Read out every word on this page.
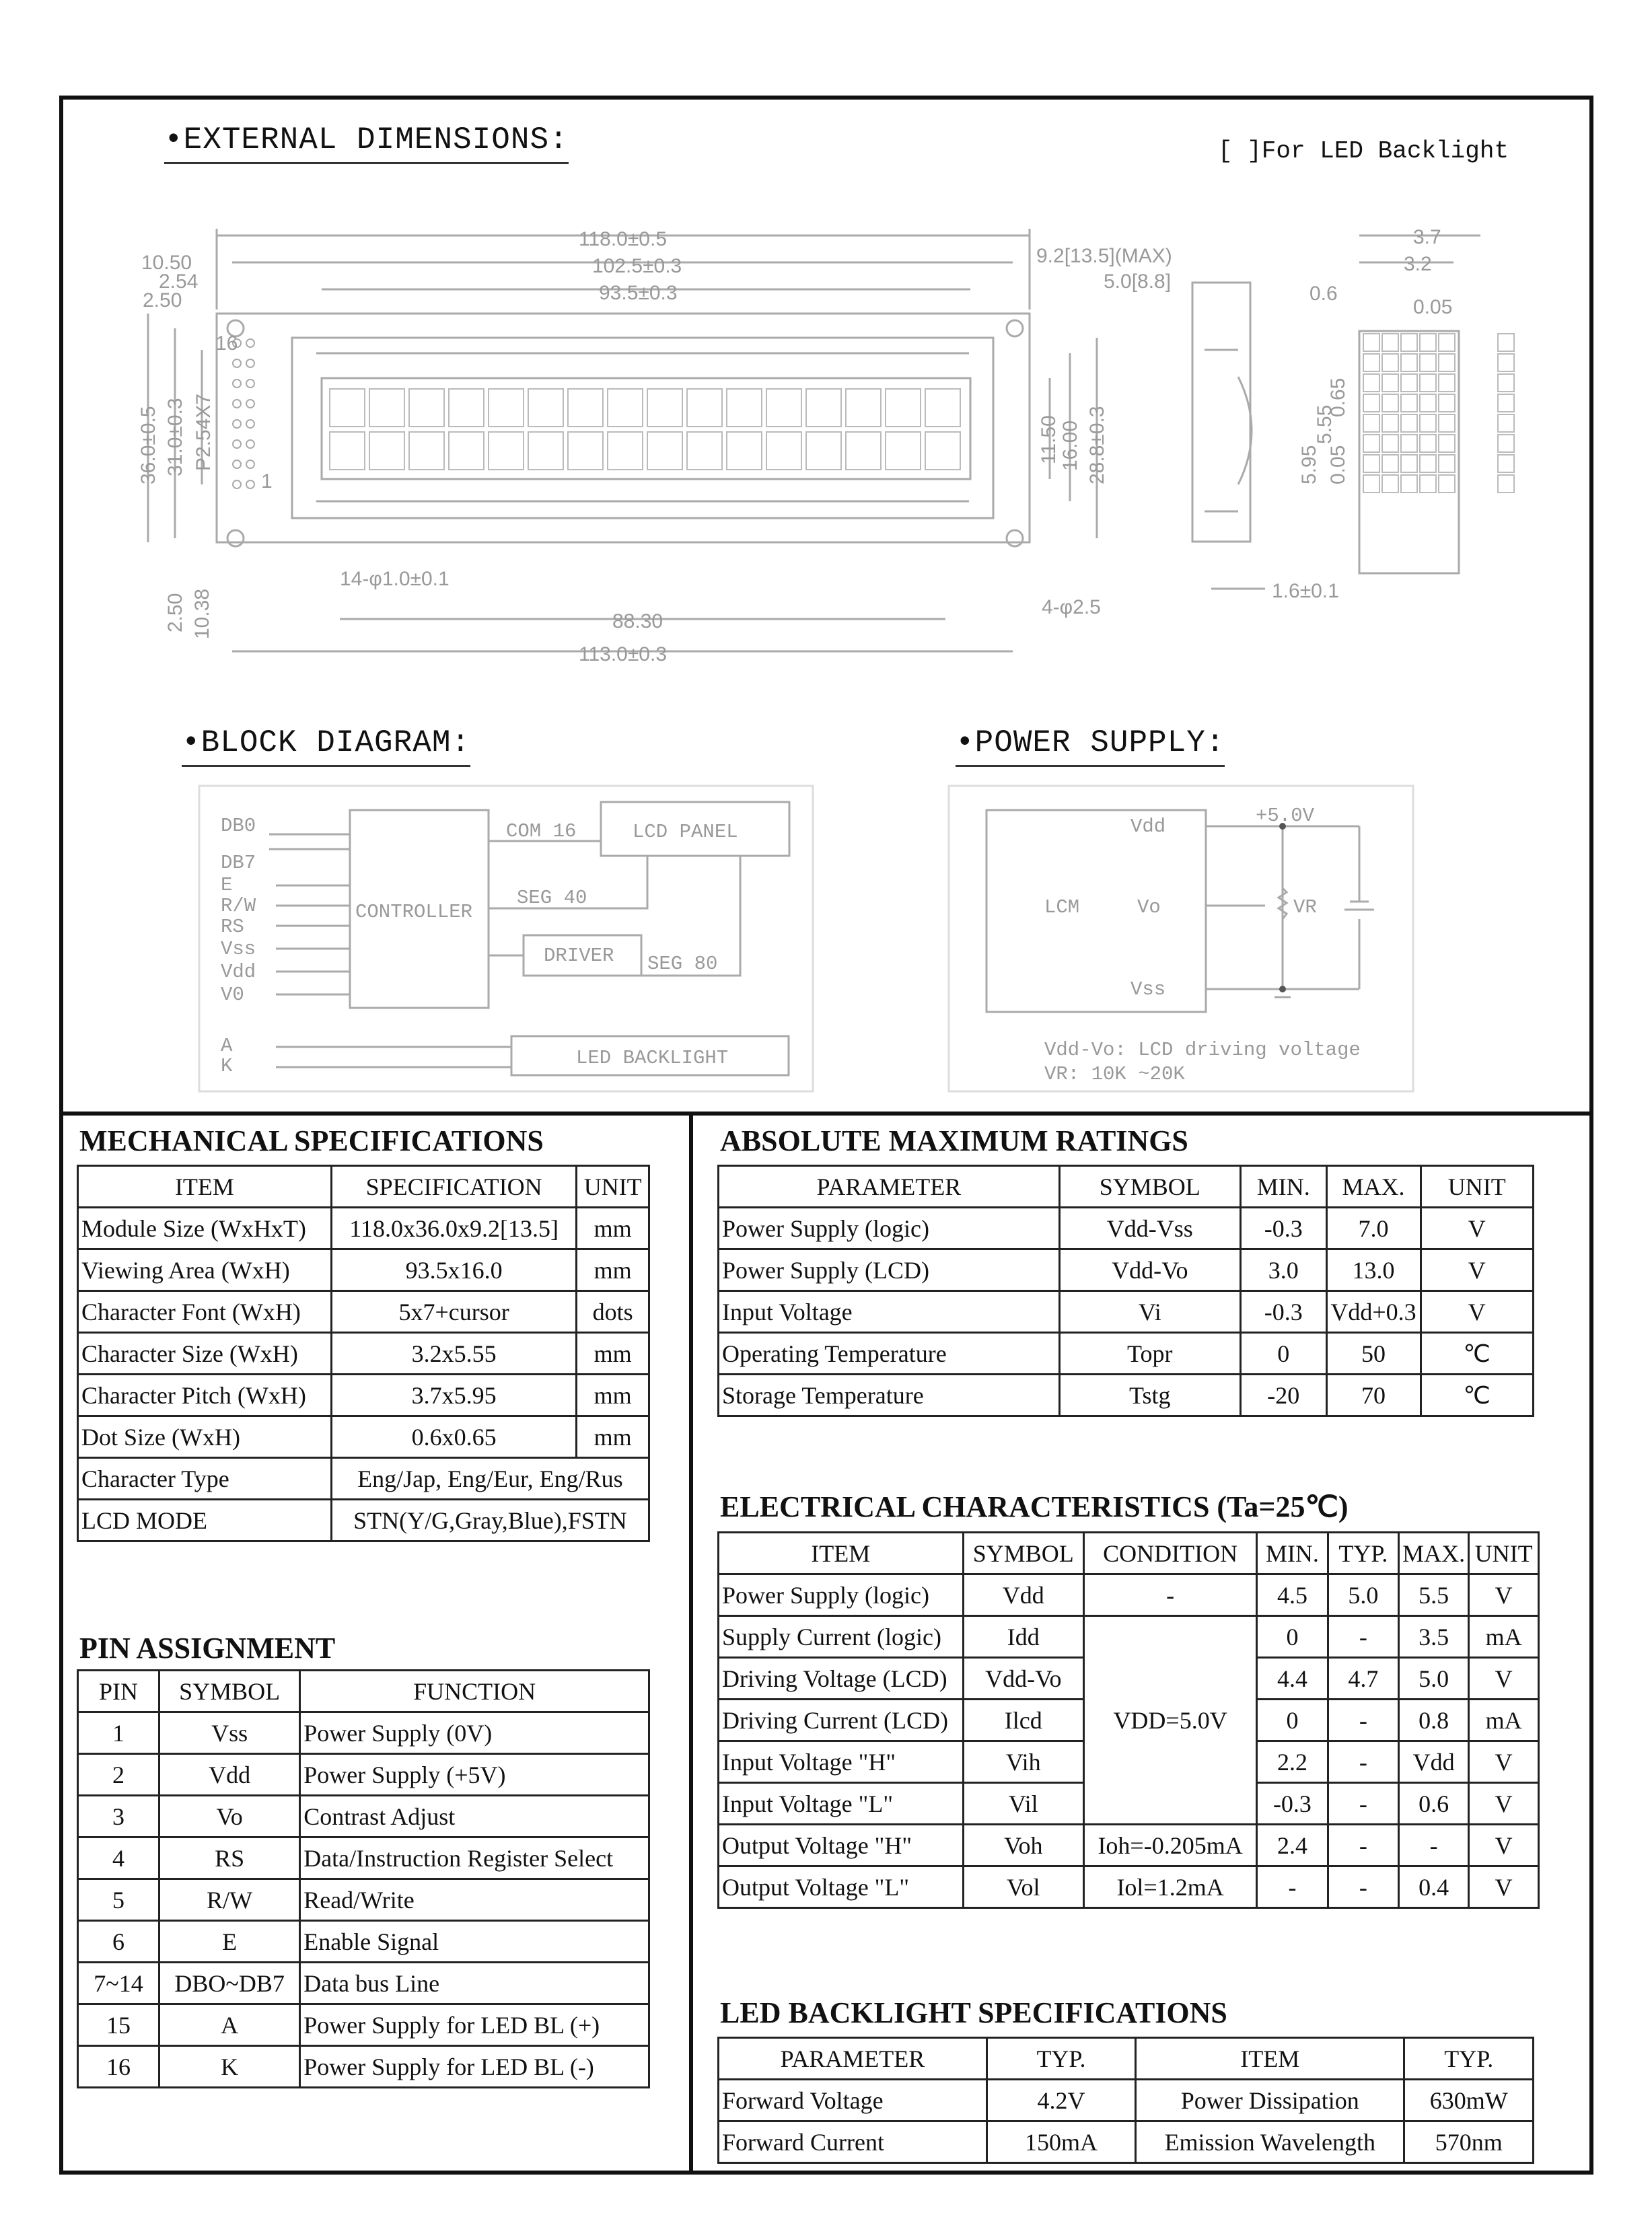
•EXTERNAL DIMENSIONS:	[ ]For LED Backlight
•BLOCK DIAGRAM:	•POWER SUPPLY:
118.0±0.5
102.5±0.3
93.5±0.3
10.50
2.54
2.50
9.2[13.5](MAX)
5.0[8.8]
3.7
3.2
0.6
0.05
16
1
14-φ1.0±0.1
88.30
113.0±0.3
4-φ2.5
1.6±0.1
36.0±0.5 31.0±0.3 P2.54X7	11.50 16.00 28.8±0.3	5.95
5.55
0.05
0.65
2.50 10.38
DB0
DB7
E
R/W
RS
Vss
Vdd
V0
A
K
CONTROLLER
COM 16
SEG 40
LCD PANEL
DRIVER SEG 80
LED BACKLIGHT
LCM
Vdd
Vo
Vss
+5.0V
VR
Vdd-Vo: LCD driving voltage
VR: 10K ~20K
MECHANICAL SPECIFICATIONS
ITEM	SPECIFICATION	UNIT
Module Size (WxHxT)	118.0x36.0x9.2[13.5]	mm
Viewing Area (WxH)	93.5x16.0	mm
Character Font (WxH)	5x7+cursor	dots
Character Size (WxH)	3.2x5.55	mm
Character Pitch (WxH)	3.7x5.95	mm
Dot Size (WxH)	0.6x0.65	mm
Character Type	Eng/Jap, Eng/Eur, Eng/Rus	
LCD MODE	STN(Y/G,Gray,Blue),FSTN	
PIN ASSIGNMENT
PIN	SYMBOL	FUNCTION
1	Vss	Power Supply (0V)
2	Vdd	Power Supply (+5V)
3	Vo	Contrast Adjust
4	RS	Data/Instruction Register Select
5	R/W	Read/Write
6	E	Enable Signal
7~14	DBO~DB7	Data bus Line
15	A	Power Supply for LED BL (+)
16	K	Power Supply for LED BL (-)
ABSOLUTE MAXIMUM RATINGS
PARAMETER	SYMBOL	MIN.	MAX.	UNIT
Power Supply (logic)	Vdd-Vss	-0.3	7.0	V
Power Supply (LCD)	Vdd-Vo	3.0	13.0	V
Input Voltage	Vi	-0.3	Vdd+0.3	V
Operating Temperature	Topr	0	50	℃
Storage Temperature	Tstg	-20	70	℃
ELECTRICAL CHARACTERISTICS (Ta=25℃)
ITEM	SYMBOL	CONDITION	MIN.	TYP.	MAX.	UNIT
Power Supply (logic)	Vdd	-	4.5	5.0	5.5	V
Supply Current (logic)	Idd	VDD=5.0V	0	-	3.5	mA
Driving Voltage (LCD)	Vdd-Vo		4.4	4.7	5.0	V
Driving Current (LCD)	Ilcd		0	-	0.8	mA
Input Voltage "H"	Vih		2.2	-	Vdd	V
Input Voltage "L"	Vil		-0.3	-	0.6	V
Output Voltage "H"	Voh	Ioh=-0.205mA	2.4	-	-	V
Output Voltage "L"	Vol	Iol=1.2mA	-	-	0.4	V
LED BACKLIGHT SPECIFICATIONS
PARAMETER	TYP.	ITEM	TYP.
Forward Voltage	4.2V	Power Dissipation	630mW
Forward Current	150mA	Emission Wavelength	570nm
